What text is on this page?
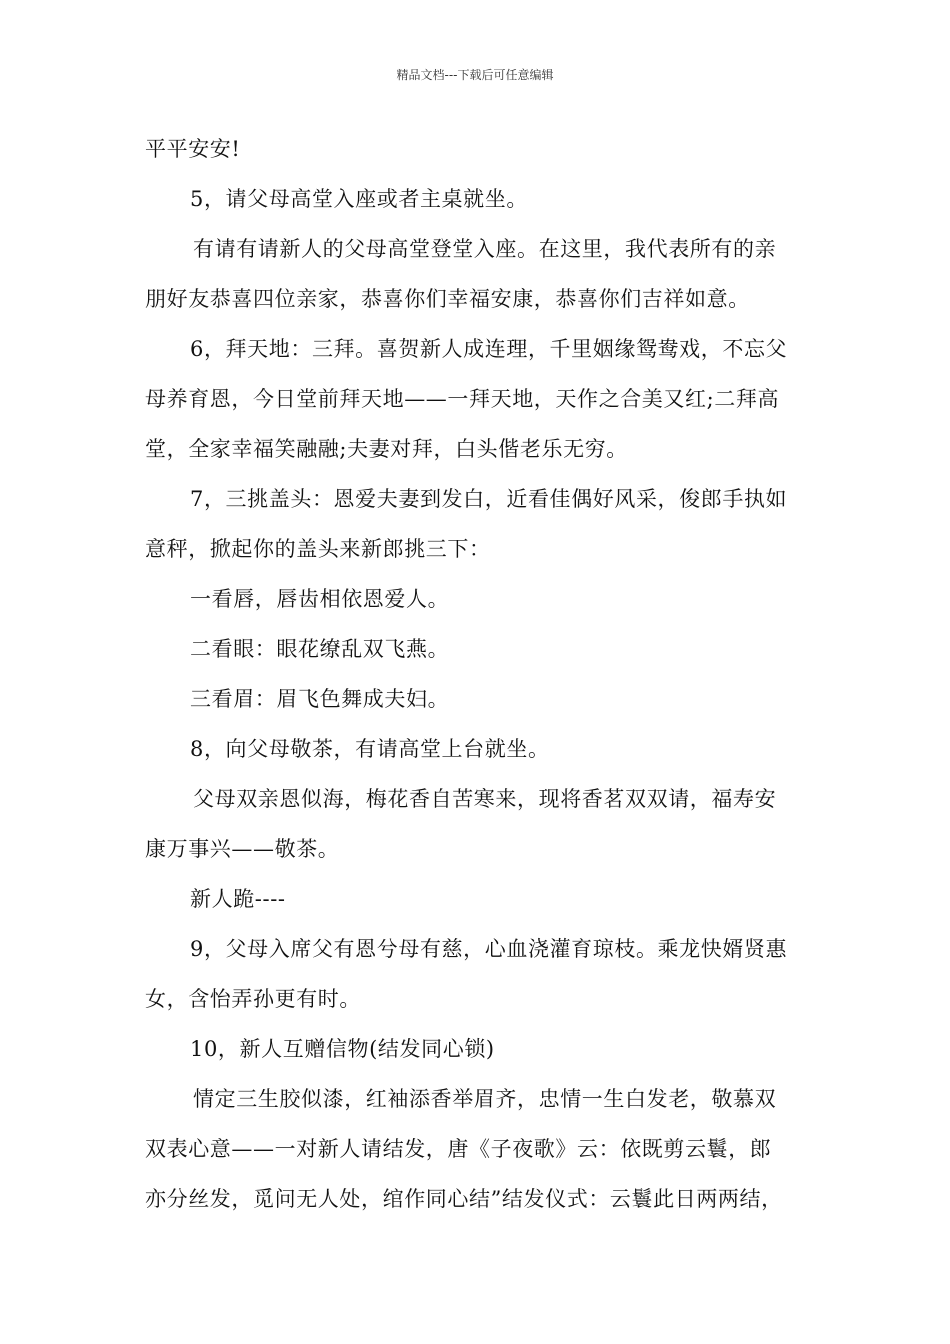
精品文档---下载后可任意编辑
平平安安!
5，请父母高堂入座或者主桌就坐。
有请有请新人的父母高堂登堂入座。在这里，我代表所有的亲
朋好友恭喜四位亲家，恭喜你们幸福安康，恭喜你们吉祥如意。
6，拜天地：三拜。喜贺新人成连理，千里姻缘鸳鸯戏，不忘父
母养育恩，今日堂前拜天地——一拜天地，天作之合美又红;二拜高
堂，全家幸福笑融融;夫妻对拜，白头偕老乐无穷。
7，三挑盖头：恩爱夫妻到发白，近看佳偶好风采，俊郎手执如
意秤，掀起你的盖头来新郎挑三下：
一看唇，唇齿相依恩爱人。
二看眼：眼花缭乱双飞燕。
三看眉：眉飞色舞成夫妇。
8，向父母敬茶，有请高堂上台就坐。
父母双亲恩似海，梅花香自苦寒来，现将香茗双双请，福寿安
康万事兴——敬茶。
新人跪----
9，父母入席父有恩兮母有慈，心血浇灌育琼枝。乘龙快婿贤惠
女，含怡弄孙更有时。
10，新人互赠信物(结发同心锁)
情定三生胶似漆，红袖添香举眉齐，忠情一生白发老，敬慕双
双表心意——一对新人请结发，唐《子夜歌》云：依既剪云鬟，郎
亦分丝发，觅问无人处，绾作同心结”结发仪式：云鬟此日两两结，
